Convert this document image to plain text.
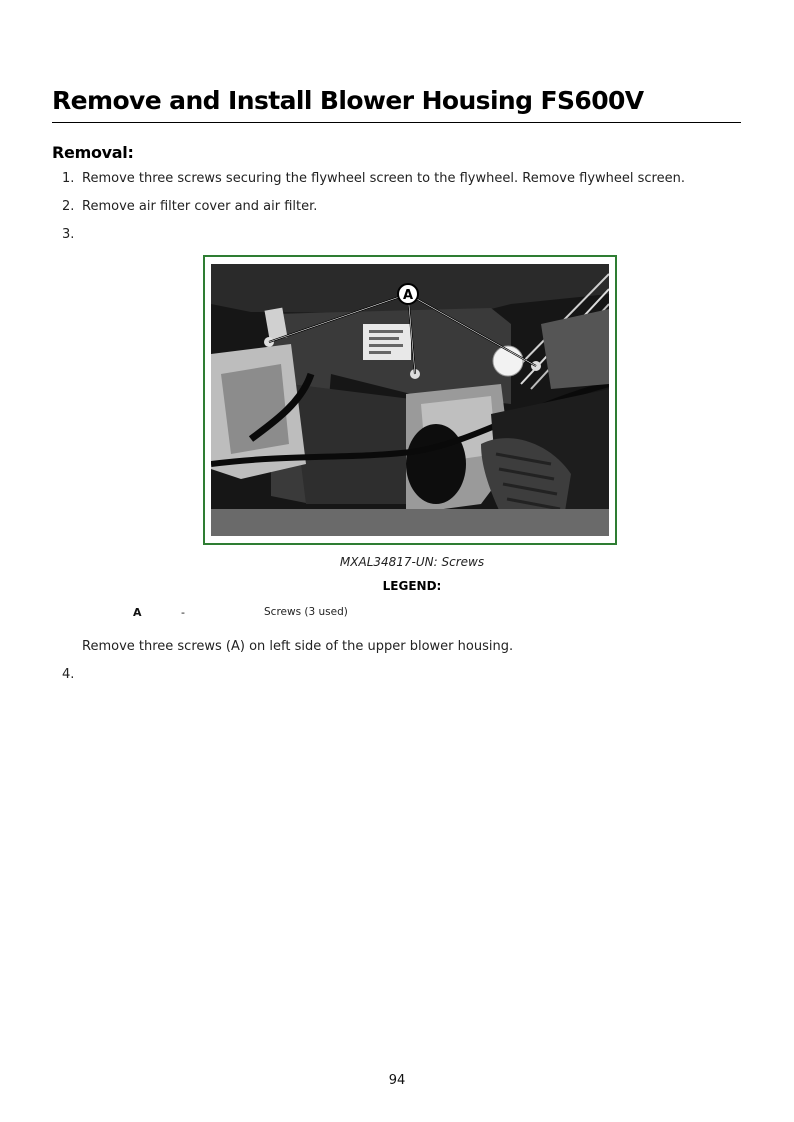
Remove and Install Blower Housing FS600V
Removal:
1. Remove three screws securing the flywheel screen to the flywheel. Remove flywheel screen.
2. Remove air filter cover and air filter.
3.
A
MXAL34817-UN: Screws
LEGEND:
A	-	Screws (3 used)
Remove three screws (A) on left side of the upper blower housing.
4.
94
